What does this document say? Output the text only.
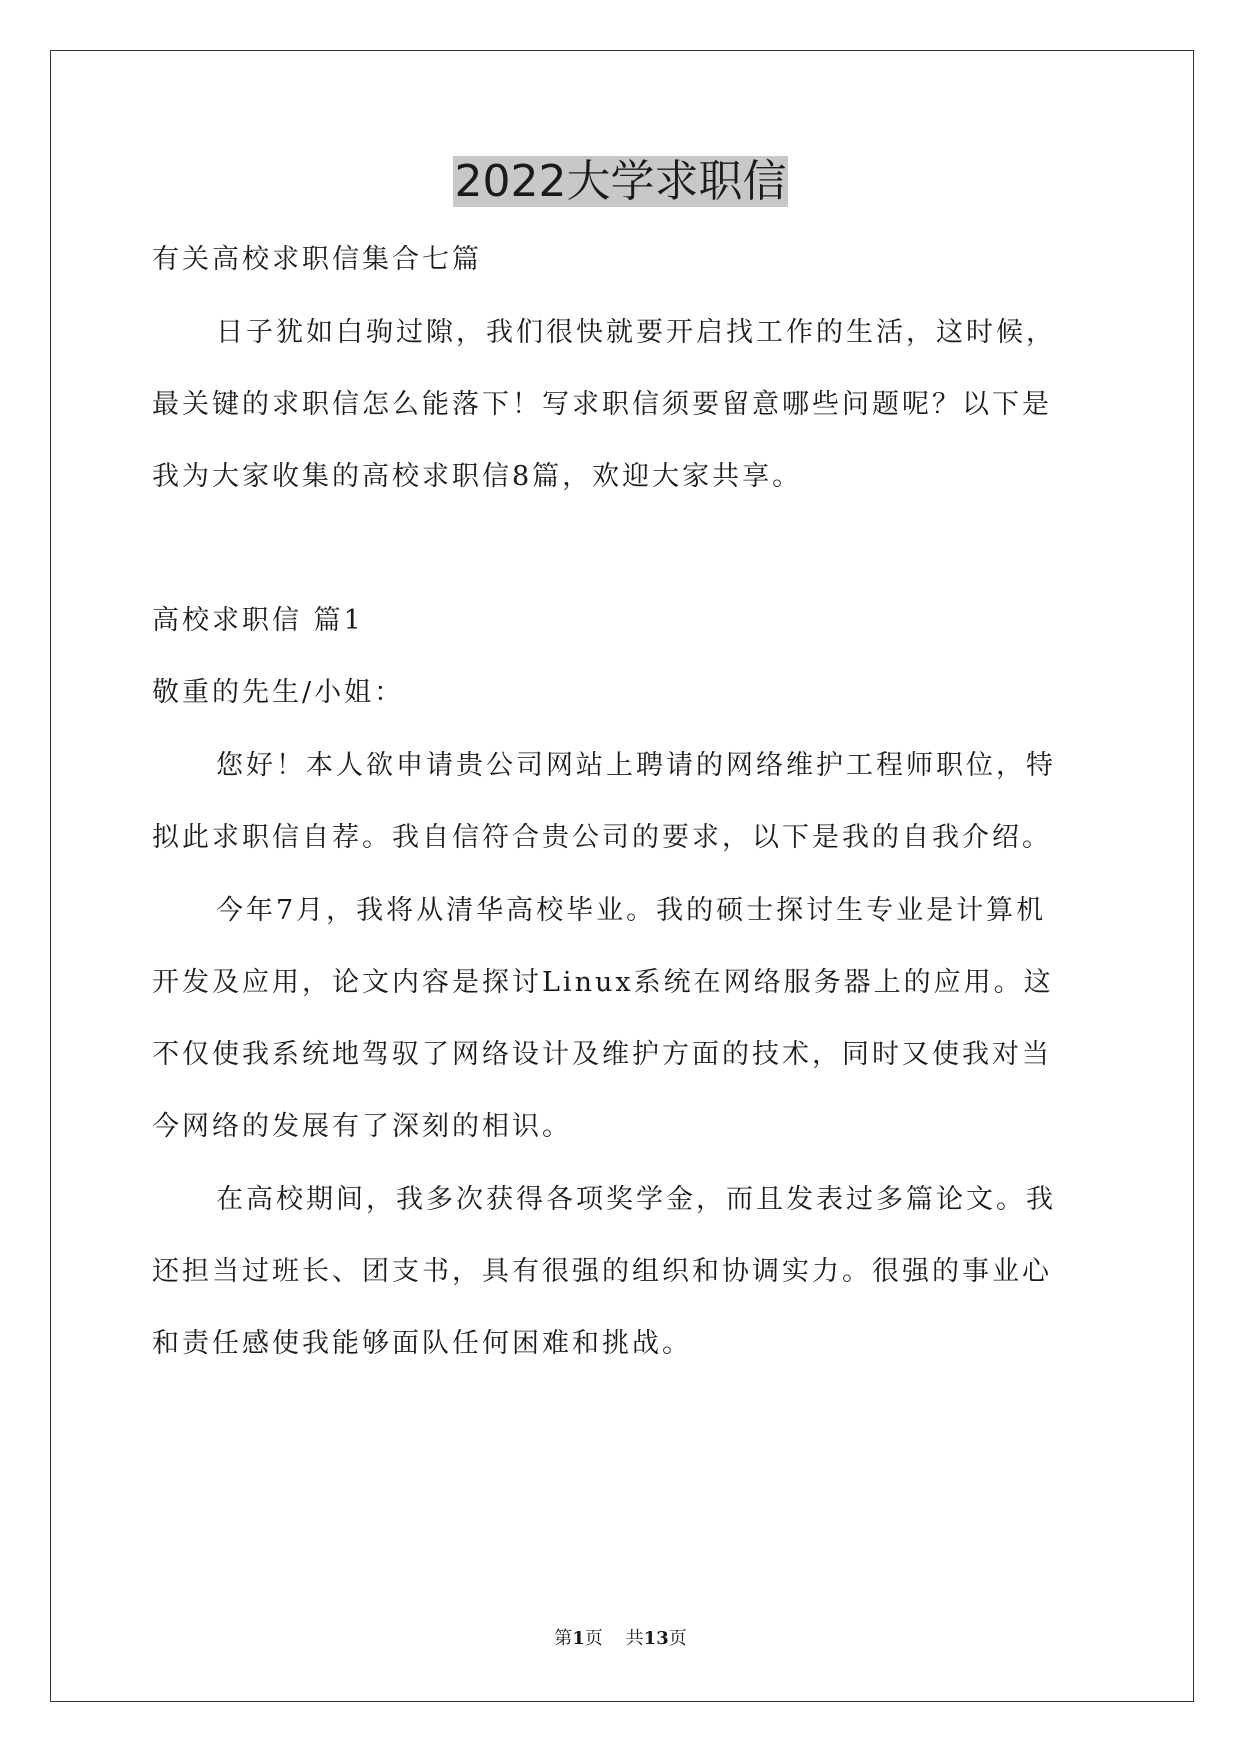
2022大学求职信
有关高校求职信集合七篇
日子犹如白驹过隙，我们很快就要开启找工作的生活，这时候，
最关键的求职信怎么能落下！写求职信须要留意哪些问题呢？以下是
我为大家收集的高校求职信8篇，欢迎大家共享。
高校求职信 篇1
敬重的先生/小姐：
您好！本人欲申请贵公司网站上聘请的网络维护工程师职位，特
拟此求职信自荐。我自信符合贵公司的要求，以下是我的自我介绍。
今年7月，我将从清华高校毕业。我的硕士探讨生专业是计算机
开发及应用，论文内容是探讨Linux系统在网络服务器上的应用。这
不仅使我系统地驾驭了网络设计及维护方面的技术，同时又使我对当
今网络的发展有了深刻的相识。
在高校期间，我多次获得各项奖学金，而且发表过多篇论文。我
还担当过班长、团支书，具有很强的组织和协调实力。很强的事业心
和责任感使我能够面队任何困难和挑战。
第1页 共13页
